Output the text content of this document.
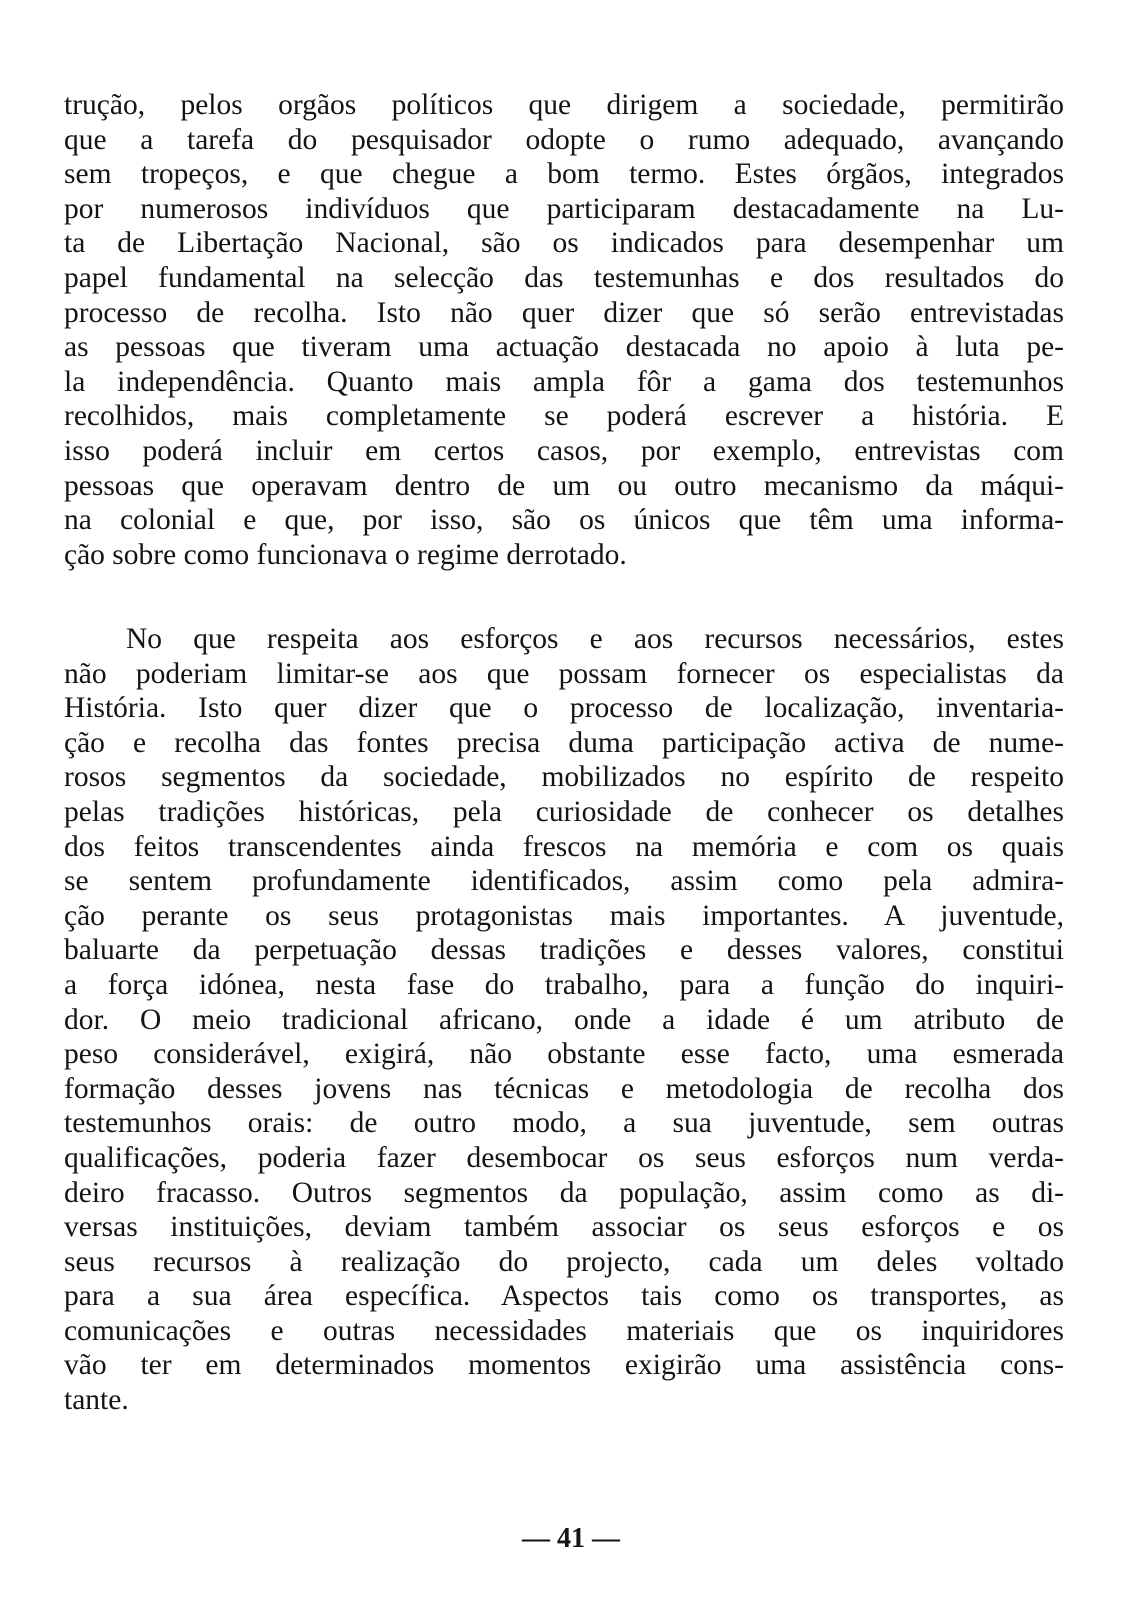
trução, pelos orgãos políticos que dirigem a sociedade, permitirão
que a tarefa do pesquisador odopte o rumo adequado, avançando
sem tropeços, e que chegue a bom termo. Estes órgãos, integrados
por numerosos indivíduos que participaram destacadamente na Lu-
ta de Libertação Nacional, são os indicados para desempenhar um
papel fundamental na selecção das testemunhas e dos resultados do
processo de recolha. Isto não quer dizer que só serão entrevistadas
as pessoas que tiveram uma actuação destacada no apoio à luta pe-
la independência. Quanto mais ampla fôr a gama dos testemunhos
recolhidos, mais completamente se poderá escrever a história. E
isso poderá incluir em certos casos, por exemplo, entrevistas com
pessoas que operavam dentro de um ou outro mecanismo da máqui-
na colonial e que, por isso, são os únicos que têm uma informa-
ção sobre como funcionava o regime derrotado.
No que respeita aos esforços e aos recursos necessários, estes
não poderiam limitar-se aos que possam fornecer os especialistas da
História. Isto quer dizer que o processo de localização, inventaria-
ção e recolha das fontes precisa duma participação activa de nume-
rosos segmentos da sociedade, mobilizados no espírito de respeito
pelas tradições históricas, pela curiosidade de conhecer os detalhes
dos feitos transcendentes ainda frescos na memória e com os quais
se sentem profundamente identificados, assim como pela admira-
ção perante os seus protagonistas mais importantes. A juventude,
baluarte da perpetuação dessas tradições e desses valores, constitui
a força idónea, nesta fase do trabalho, para a função do inquiri-
dor. O meio tradicional africano, onde a idade é um atributo de
peso considerável, exigirá, não obstante esse facto, uma esmerada
formação desses jovens nas técnicas e metodologia de recolha dos
testemunhos orais: de outro modo, a sua juventude, sem outras
qualificações, poderia fazer desembocar os seus esforços num verda-
deiro fracasso. Outros segmentos da população, assim como as di-
versas instituições, deviam também associar os seus esforços e os
seus recursos à realização do projecto, cada um deles voltado
para a sua área específica. Aspectos tais como os transportes, as
comunicações e outras necessidades materiais que os inquiridores
vão ter em determinados momentos exigirão uma assistência cons-
tante.
— 41 —
